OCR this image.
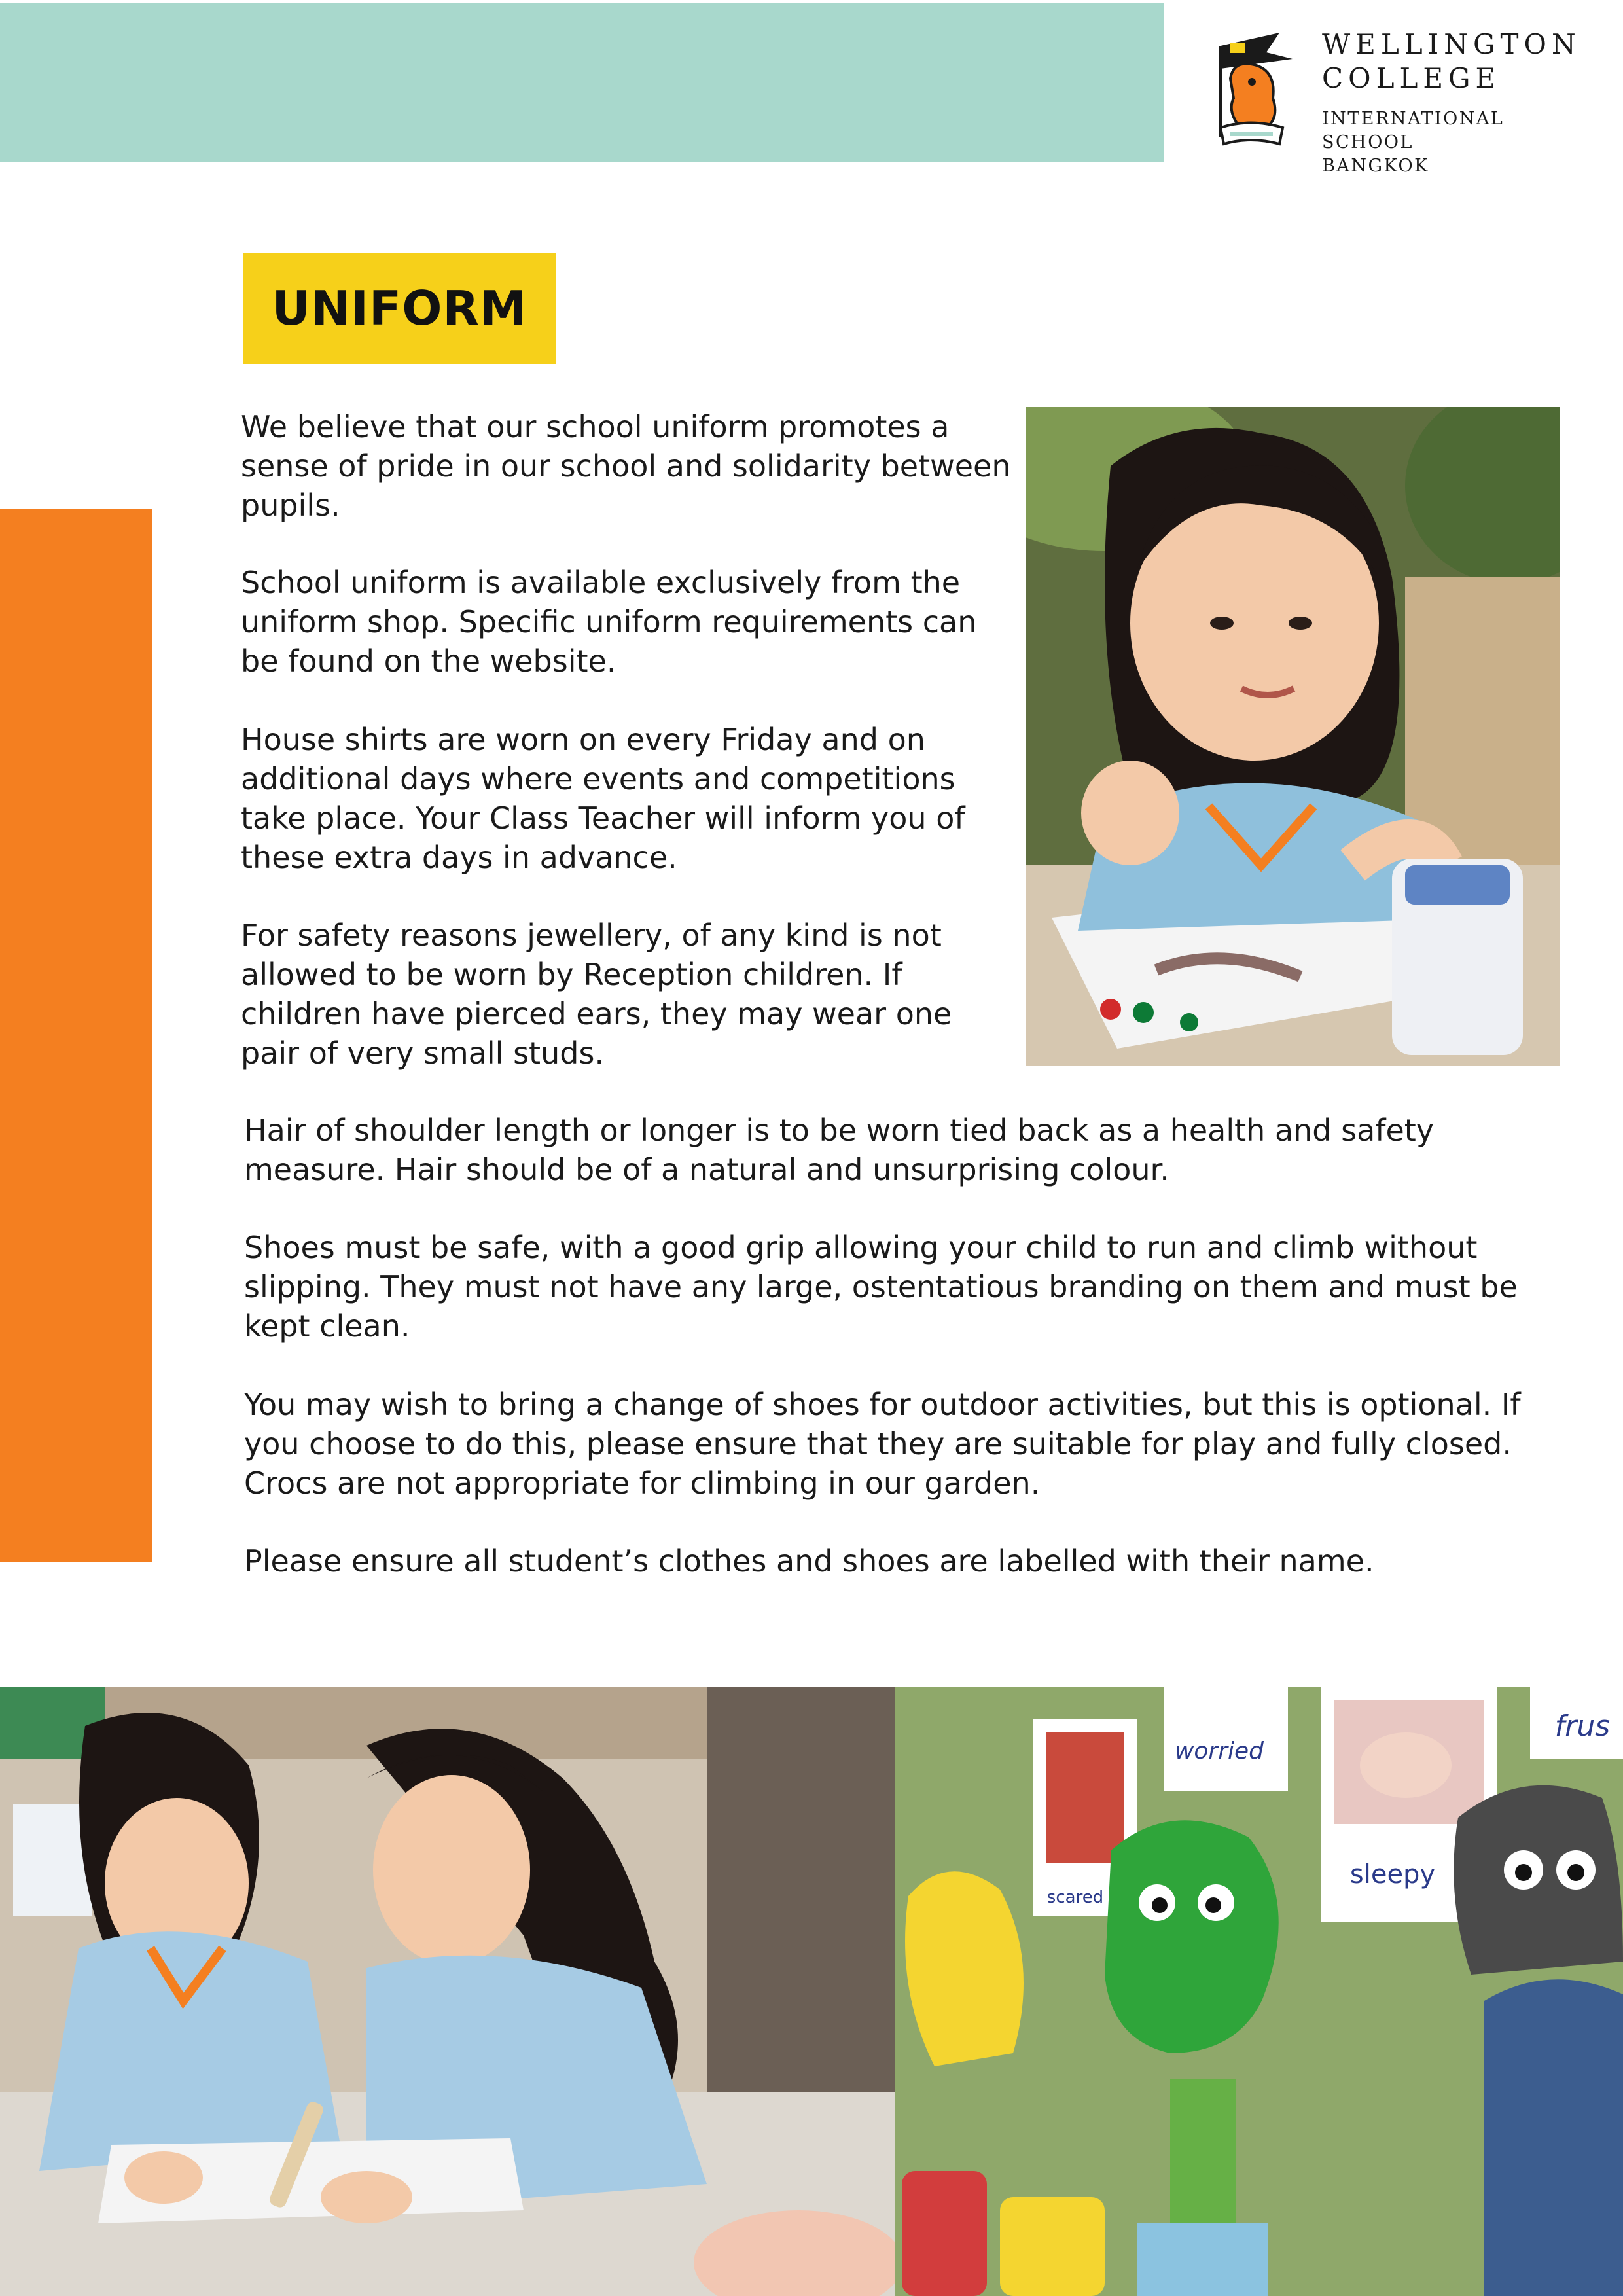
WELLINGTON
COLLEGE
INTERNATIONAL SCHOOL
BANGKOK
UNIFORM

We believe that our school uniform promotes a sense of pride in our school and solidarity between pupils.

School uniform is available exclusively from the uniform shop. Specific uniform requirements can be found on the website.

House shirts are worn on every Friday and on additional days where events and competitions take place. Your Class Teacher will inform you of these extra days in advance.

For safety reasons jewellery, of any kind is not allowed to be worn by Reception children. If children have pierced ears, they may wear one pair of very small studs.

Hair of shoulder length or longer is to be worn tied back as a health and safety measure. Hair should be of a natural and unsurprising colour.

Shoes must be safe, with a good grip allowing your child to run and climb without slipping. They must not have any large, ostentatious branding on them and must be kept clean.

You may wish to bring a change of shoes for outdoor activities, but this is optional. If you choose to do this, please ensure that they are suitable for play and fully closed. Crocs are not appropriate for climbing in our garden.

Please ensure all student’s clothes and shoes are labelled with their name.

worried
sleepy
scared
frus
